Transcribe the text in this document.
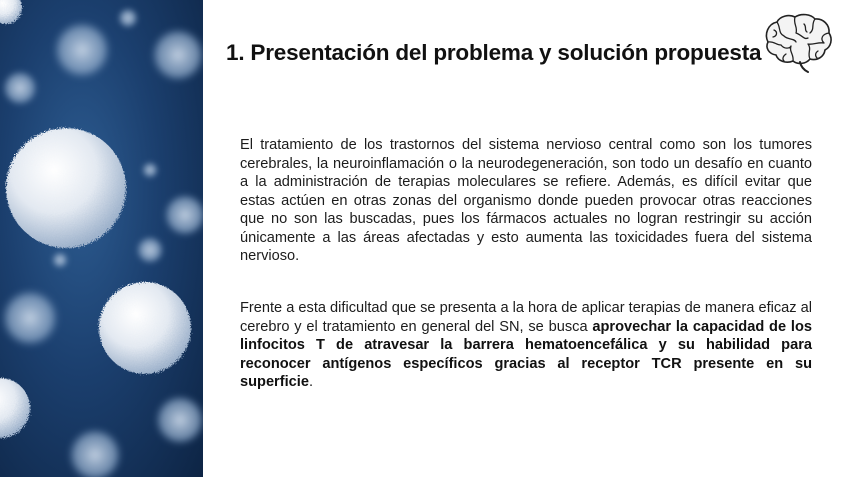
1. Presentación del problema y solución propuesta

El tratamiento de los trastornos del sistema nervioso central como son los tumores cerebrales, la neuroinflamación o la neurodegeneración, son todo un desafío en cuanto a la administración de terapias moleculares se refiere. Además, es difícil evitar que estas actúen en otras zonas del organismo donde pueden provocar otras reacciones que no son las buscadas, pues los fármacos actuales no logran restringir su acción únicamente a las áreas afectadas y esto aumenta las toxicidades fuera del sistema nervioso.

Frente a esta dificultad que se presenta a la hora de aplicar terapias de manera eficaz al cerebro y el tratamiento en general del SN, se busca aprovechar la capacidad de los linfocitos T de atravesar la barrera hematoencefálica y su habilidad para reconocer antígenos específicos gracias al receptor TCR presente en su superficie.
